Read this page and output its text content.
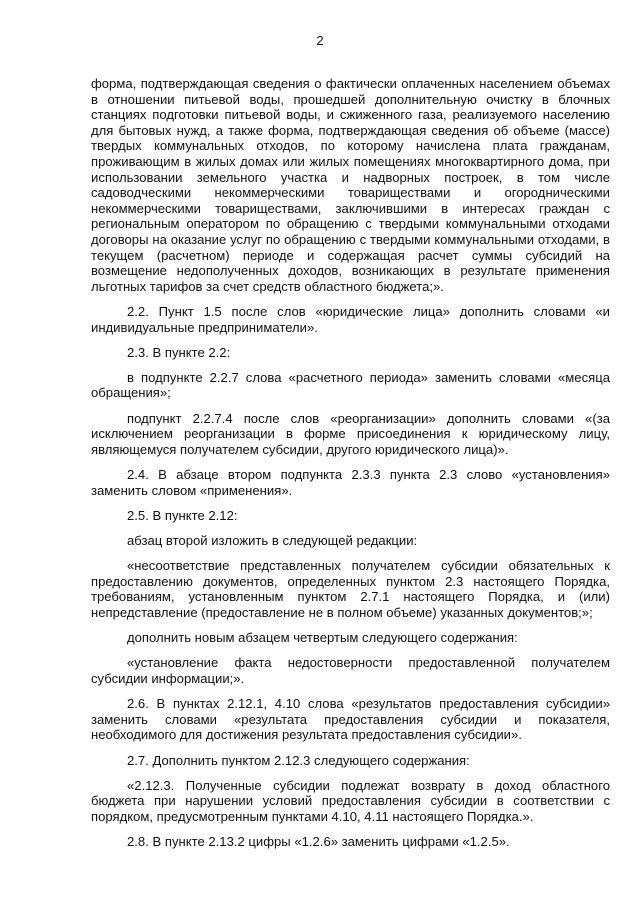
2

форма, подтверждающая сведения о фактически оплаченных населением объемах в отношении питьевой воды, прошедшей дополнительную очистку в блочных станциях подготовки питьевой воды, и сжиженного газа, реализуемого населению для бытовых нужд, а также форма, подтверждающая сведения об объеме (массе) твердых коммунальных отходов, по которому начислена плата гражданам, проживающим в жилых домах или жилых помещениях многоквартирного дома, при использовании земельного участка и надворных построек, в том числе садоводческими некоммерческими товариществами и огородническими некоммерческими товариществами, заключившими в интересах граждан с региональным оператором по обращению с твердыми коммунальными отходами договоры на оказание услуг по обращению с твердыми коммунальными отходами, в текущем (расчетном) периоде и содержащая расчет суммы субсидий на возмещение недополученных доходов, возникающих в результате применения льготных тарифов за счет средств областного бюджета;».

2.2. Пункт 1.5 после слов «юридические лица» дополнить словами «и индивидуальные предприниматели».

2.3. В пункте 2.2:

в подпункте 2.2.7 слова «расчетного периода» заменить словами «месяца обращения»;

подпункт 2.2.7.4 после слов «реорганизации» дополнить словами «(за исключением реорганизации в форме присоединения к юридическому лицу, являющемуся получателем субсидии, другого юридического лица)».

2.4. В абзаце втором подпункта 2.3.3 пункта 2.3 слово «установления» заменить словом «применения».

2.5. В пункте 2.12:

абзац второй изложить в следующей редакции:

«несоответствие представленных получателем субсидии обязательных к предоставлению документов, определенных пунктом 2.3 настоящего Порядка, требованиям, установленным пунктом 2.7.1 настоящего Порядка, и (или) непредставление (предоставление не в полном объеме) указанных документов;»;

дополнить новым абзацем четвертым следующего содержания:

«установление факта недостоверности предоставленной получателем субсидии информации;».

2.6. В пунктах 2.12.1, 4.10 слова «результатов предоставления субсидии» заменить словами «результата предоставления субсидии и показателя, необходимого для достижения результата предоставления субсидии».

2.7. Дополнить пунктом 2.12.3 следующего содержания:

«2.12.3. Полученные субсидии подлежат возврату в доход областного бюджета при нарушении условий предоставления субсидии в соответствии с порядком, предусмотренным пунктами 4.10, 4.11 настоящего Порядка.».

2.8. В пункте 2.13.2 цифры «1.2.6» заменить цифрами «1.2.5».
